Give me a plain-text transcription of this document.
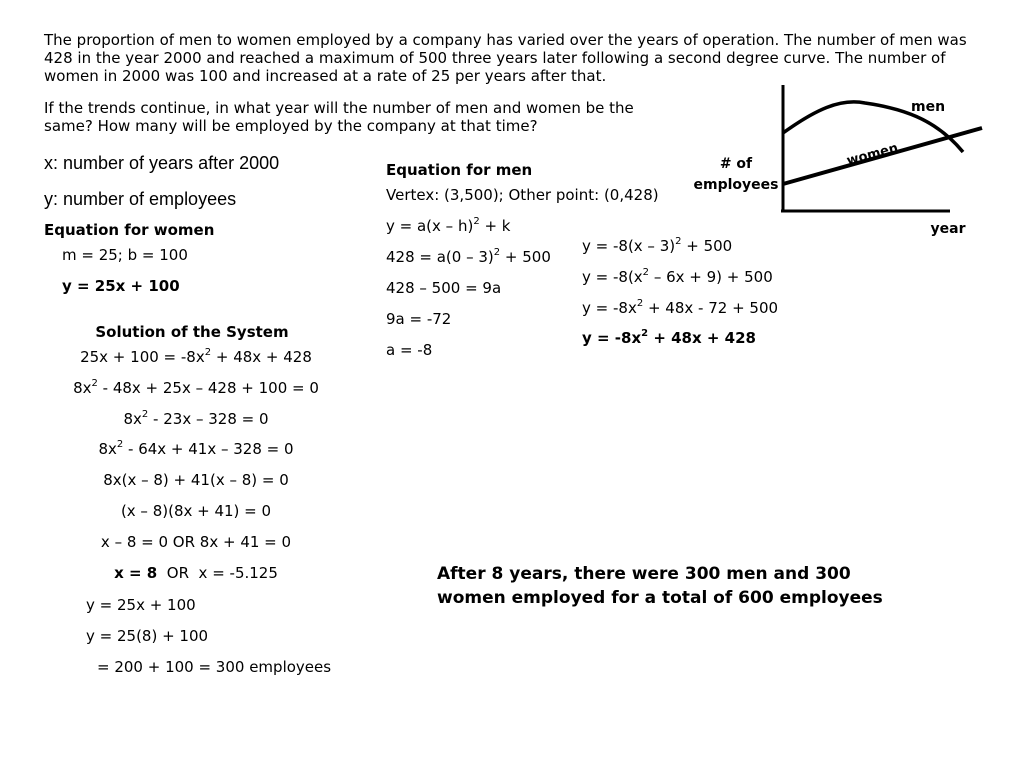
The proportion of men to women employed by a company has varied over the years of operation. The number of men was 428 in the year 2000 and reached a maximum of 500 three years later following a second degree curve. The number of women in 2000 was 100 and increased at a rate of 25 per years after that.
If the trends continue, in what year will the number of men and women be the same? How many will be employed by the company at that time?
x: number of years after 2000
y: number of employees
Equation for women
m = 25; b = 100
y = 25x + 100
Equation for men
Vertex: (3,500); Other point: (0,428)
y = a(x – h)$^2$ + k
428 = a(0 – 3)$^2$ + 500
428 – 500 = 9a
9a = -72
a = -8
y = -8(x – 3)$^2$ + 500
$y = -8(x^2 - 6x + 9) + 500$
$y = -8x^2 + 48x - 72 + 500$
$y = -8x^2 + 48x + 428$
Solution of the System
$25x + 100 = -8x^2 + 48x + 428$
$8x^2 - 48x + 25x - 428 + 100 = 0$
$8x^2 - 23x - 328 = 0$
$8x^2 - 64x + 41x - 328 = 0$
8x(x – 8) + 41(x – 8) = 0
(x – 8)(8x + 41) = 0
x – 8 = 0 OR 8x + 41 = 0
x = 8 OR x = -5.125
y = 25x + 100
y = 25(8) + 100
= 200 + 100 = 300 employees
After 8 years, there were 300 men and 300
women employed for a total of 600 employees
men
women
# of
employees
year
